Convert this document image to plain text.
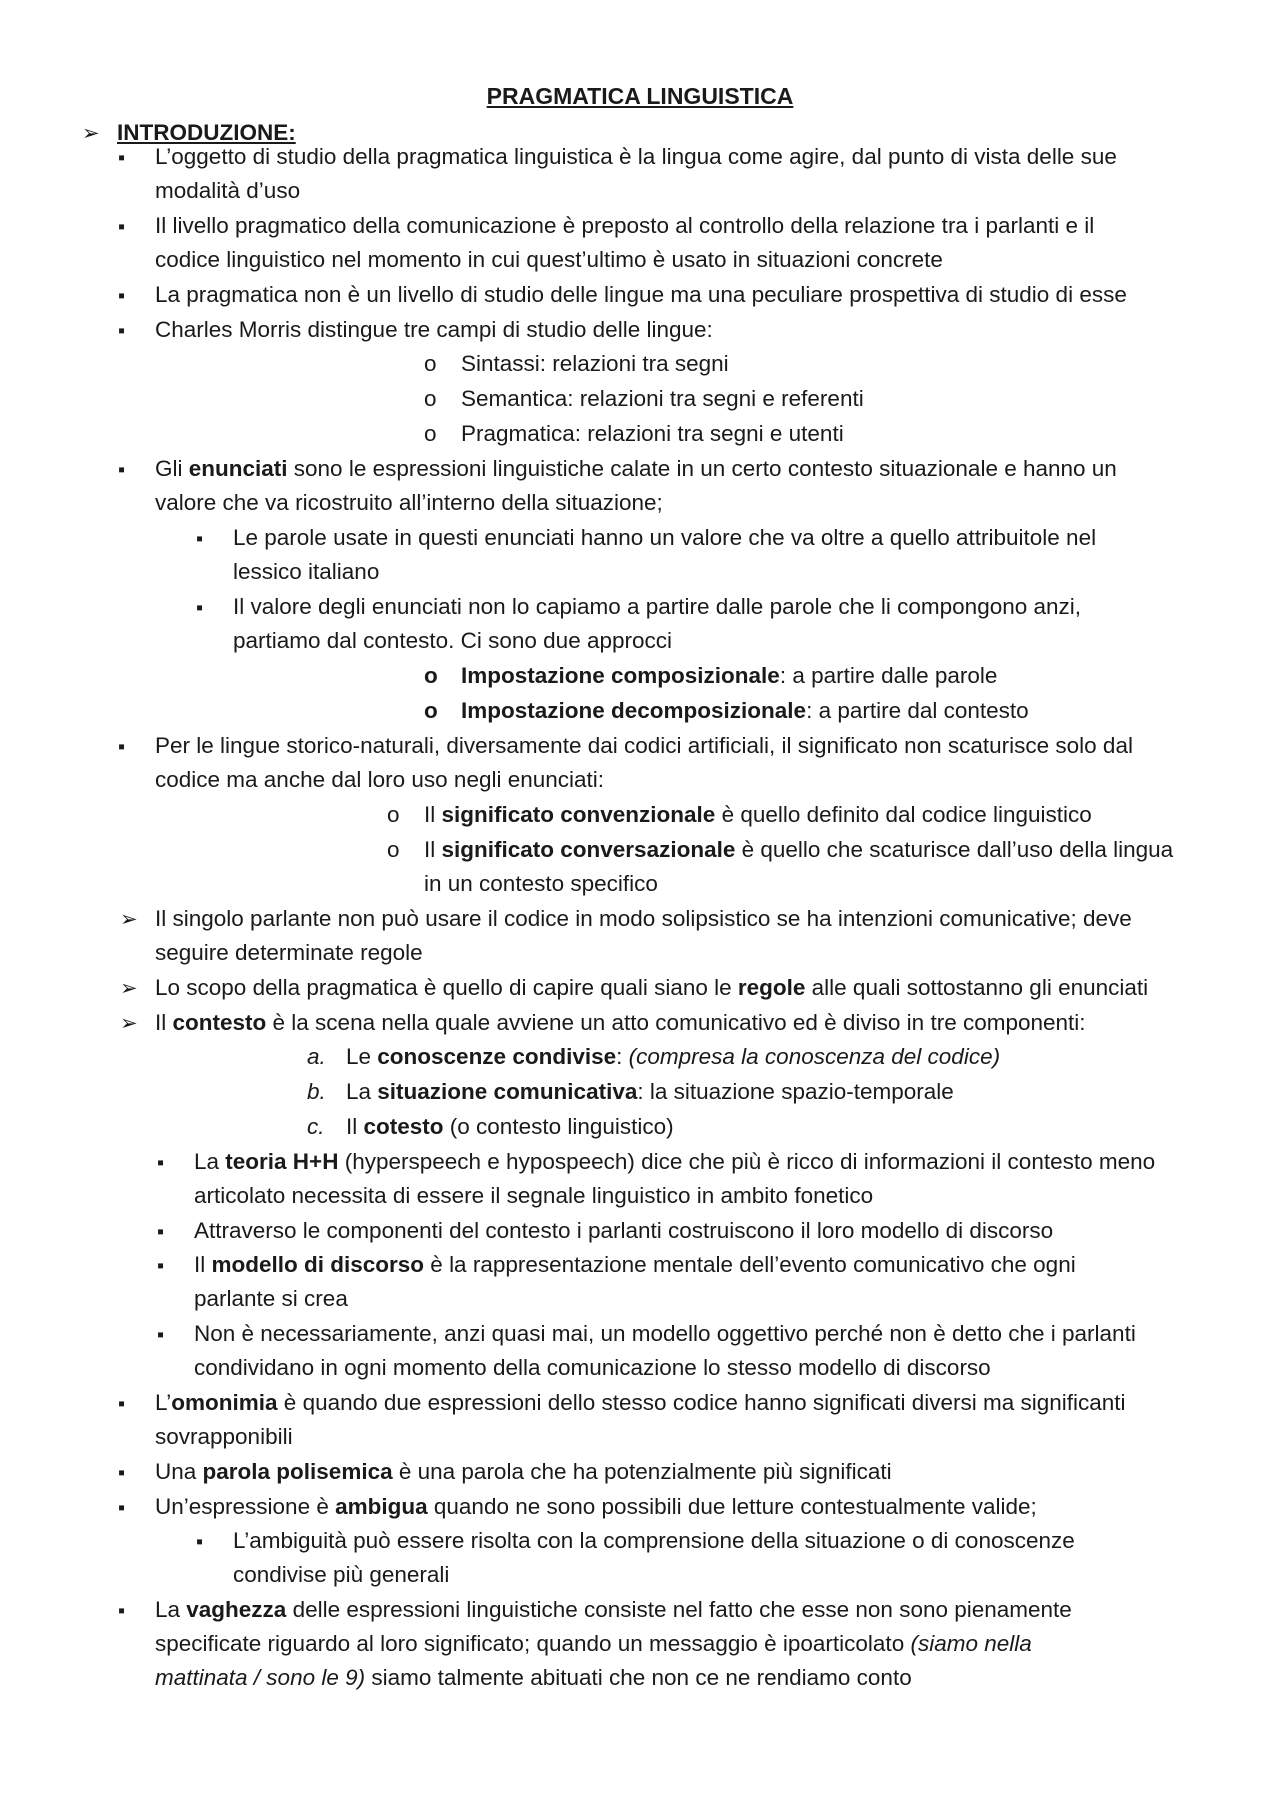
PRAGMATICA LINGUISTICA
➢
INTRODUZIONE:
▪
L’oggetto di studio della pragmatica linguistica è la lingua come agire, dal punto di vista delle sue
modalità d’uso
▪
Il livello pragmatico della comunicazione è preposto al controllo della relazione tra i parlanti e il
codice linguistico nel momento in cui quest’ultimo è usato in situazioni concrete
▪
La pragmatica non è un livello di studio delle lingue ma una peculiare prospettiva di studio di esse
▪
Charles Morris distingue tre campi di studio delle lingue:
o
Sintassi: relazioni tra segni
o
Semantica: relazioni tra segni e referenti
o
Pragmatica: relazioni tra segni e utenti
▪
Gli enunciati sono le espressioni linguistiche calate in un certo contesto situazionale e hanno un
valore che va ricostruito all’interno della situazione;
▪
Le parole usate in questi enunciati hanno un valore che va oltre a quello attribuitole nel
lessico italiano
▪
Il valore degli enunciati non lo capiamo a partire dalle parole che li compongono anzi,
partiamo dal contesto. Ci sono due approcci
o
Impostazione composizionale: a partire dalle parole
o
Impostazione decomposizionale: a partire dal contesto
▪
Per le lingue storico-naturali, diversamente dai codici artificiali, il significato non scaturisce solo dal
codice ma anche dal loro uso negli enunciati:
o
Il significato convenzionale è quello definito dal codice linguistico
o
Il significato conversazionale è quello che scaturisce dall’uso della lingua
in un contesto specifico
➢
Il singolo parlante non può usare il codice in modo solipsistico se ha intenzioni comunicative; deve
seguire determinate regole
➢
Lo scopo della pragmatica è quello di capire quali siano le regole alle quali sottostanno gli enunciati
➢
Il contesto è la scena nella quale avviene un atto comunicativo ed è diviso in tre componenti:
a. Le conoscenze condivise: (compresa la conoscenza del codice)
b. La situazione comunicativa: la situazione spazio-temporale
c. Il cotesto (o contesto linguistico)
▪
La teoria H+H (hyperspeech e hypospeech) dice che più è ricco di informazioni il contesto meno
articolato necessita di essere il segnale linguistico in ambito fonetico
▪
Attraverso le componenti del contesto i parlanti costruiscono il loro modello di discorso
▪
Il modello di discorso è la rappresentazione mentale dell’evento comunicativo che ogni
parlante si crea
▪
Non è necessariamente, anzi quasi mai, un modello oggettivo perché non è detto che i parlanti
condividano in ogni momento della comunicazione lo stesso modello di discorso
▪
L’omonimia è quando due espressioni dello stesso codice hanno significati diversi ma significanti
sovrapponibili
▪
Una parola polisemica è una parola che ha potenzialmente più significati
▪
Un’espressione è ambigua quando ne sono possibili due letture contestualmente valide;
▪
L’ambiguità può essere risolta con la comprensione della situazione o di conoscenze
condivise più generali
▪
La vaghezza delle espressioni linguistiche consiste nel fatto che esse non sono pienamente
specificate riguardo al loro significato; quando un messaggio è ipoarticolato (siamo nella
mattinata / sono le 9) siamo talmente abituati che non ce ne rendiamo conto
